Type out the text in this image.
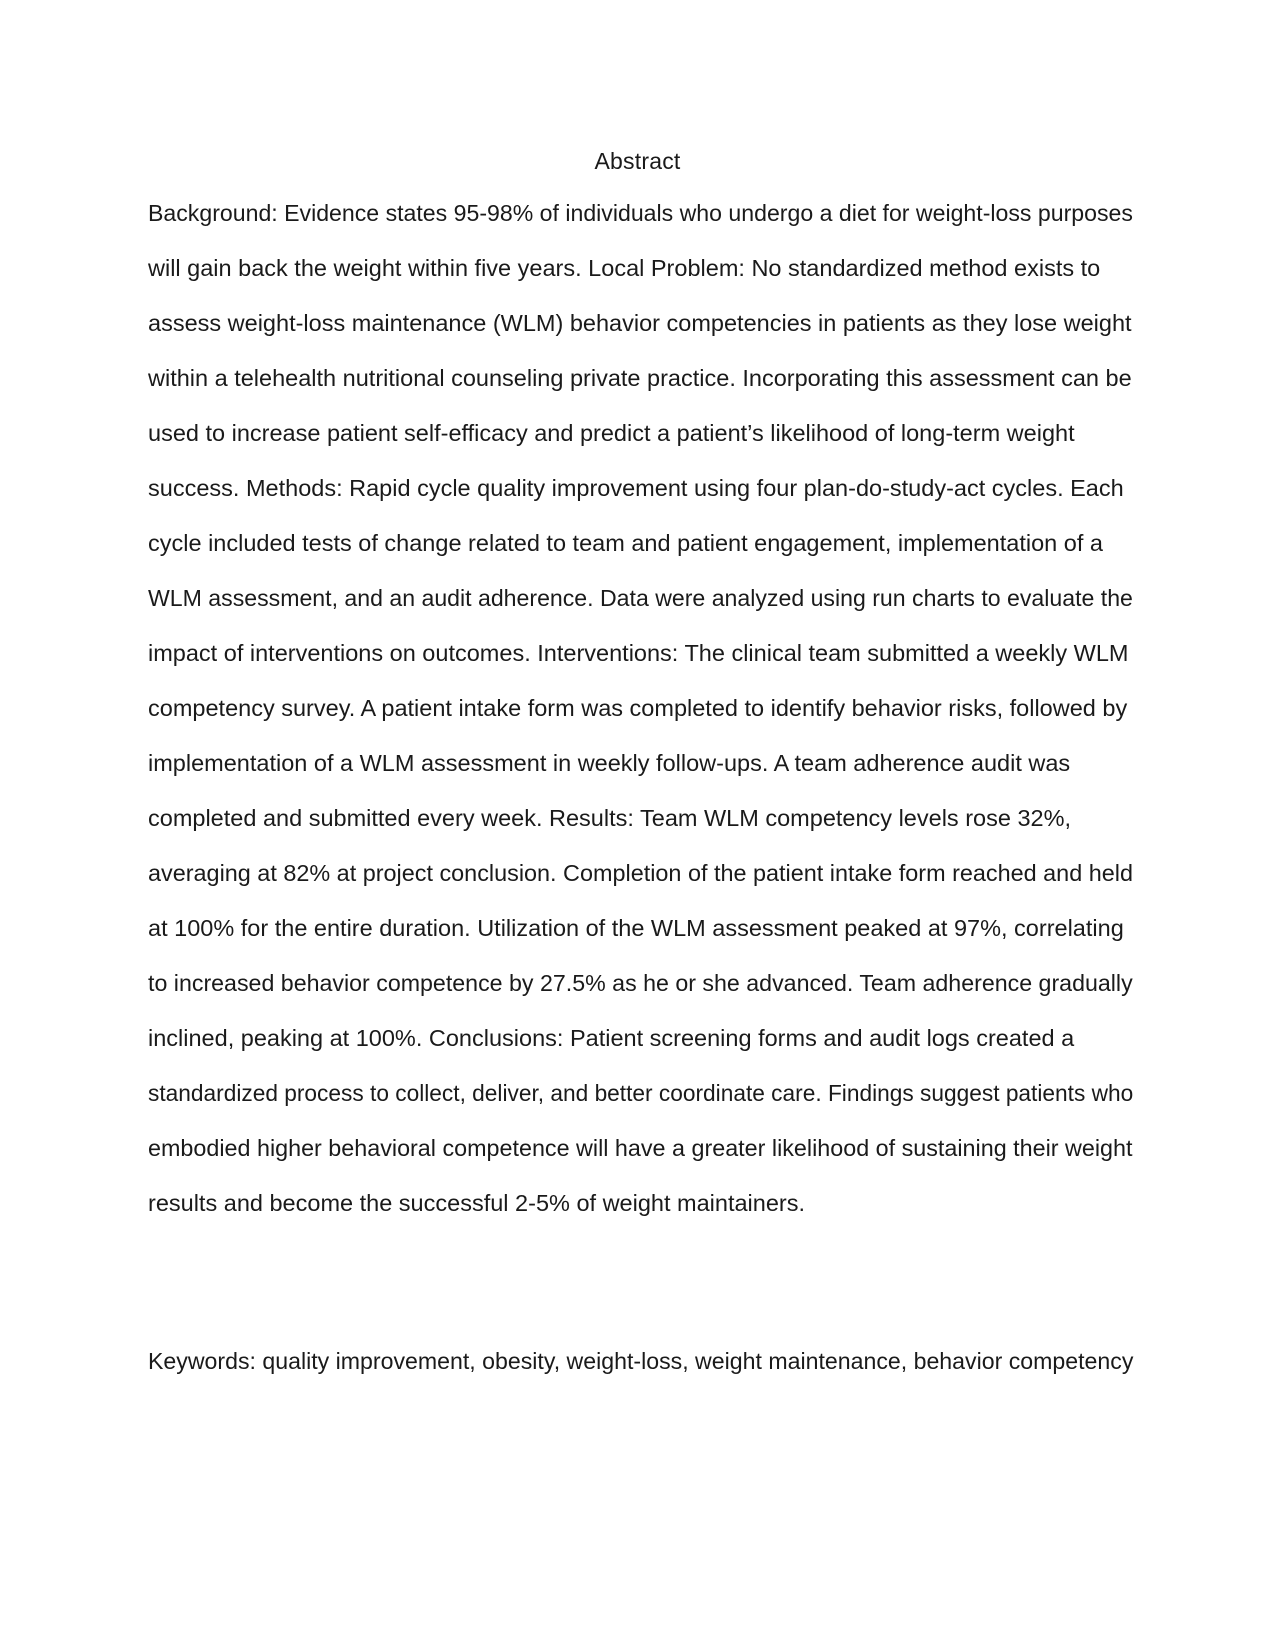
Abstract
Background: Evidence states 95-98% of individuals who undergo a diet for weight-loss purposes
will gain back the weight within five years. Local Problem: No standardized method exists to
assess weight-loss maintenance (WLM) behavior competencies in patients as they lose weight
within a telehealth nutritional counseling private practice. Incorporating this assessment can be
used to increase patient self-efficacy and predict a patient’s likelihood of long-term weight
success. Methods: Rapid cycle quality improvement using four plan-do-study-act cycles. Each
cycle included tests of change related to team and patient engagement, implementation of a
WLM assessment, and an audit adherence. Data were analyzed using run charts to evaluate the
impact of interventions on outcomes. Interventions: The clinical team submitted a weekly WLM
competency survey. A patient intake form was completed to identify behavior risks, followed by
implementation of a WLM assessment in weekly follow-ups. A team adherence audit was
completed and submitted every week. Results: Team WLM competency levels rose 32%,
averaging at 82% at project conclusion. Completion of the patient intake form reached and held
at 100% for the entire duration. Utilization of the WLM assessment peaked at 97%, correlating
to increased behavior competence by 27.5% as he or she advanced. Team adherence gradually
inclined, peaking at 100%. Conclusions: Patient screening forms and audit logs created a
standardized process to collect, deliver, and better coordinate care. Findings suggest patients who
embodied higher behavioral competence will have a greater likelihood of sustaining their weight
results and become the successful 2-5% of weight maintainers.
Keywords: quality improvement, obesity, weight-loss, weight maintenance, behavior competency
